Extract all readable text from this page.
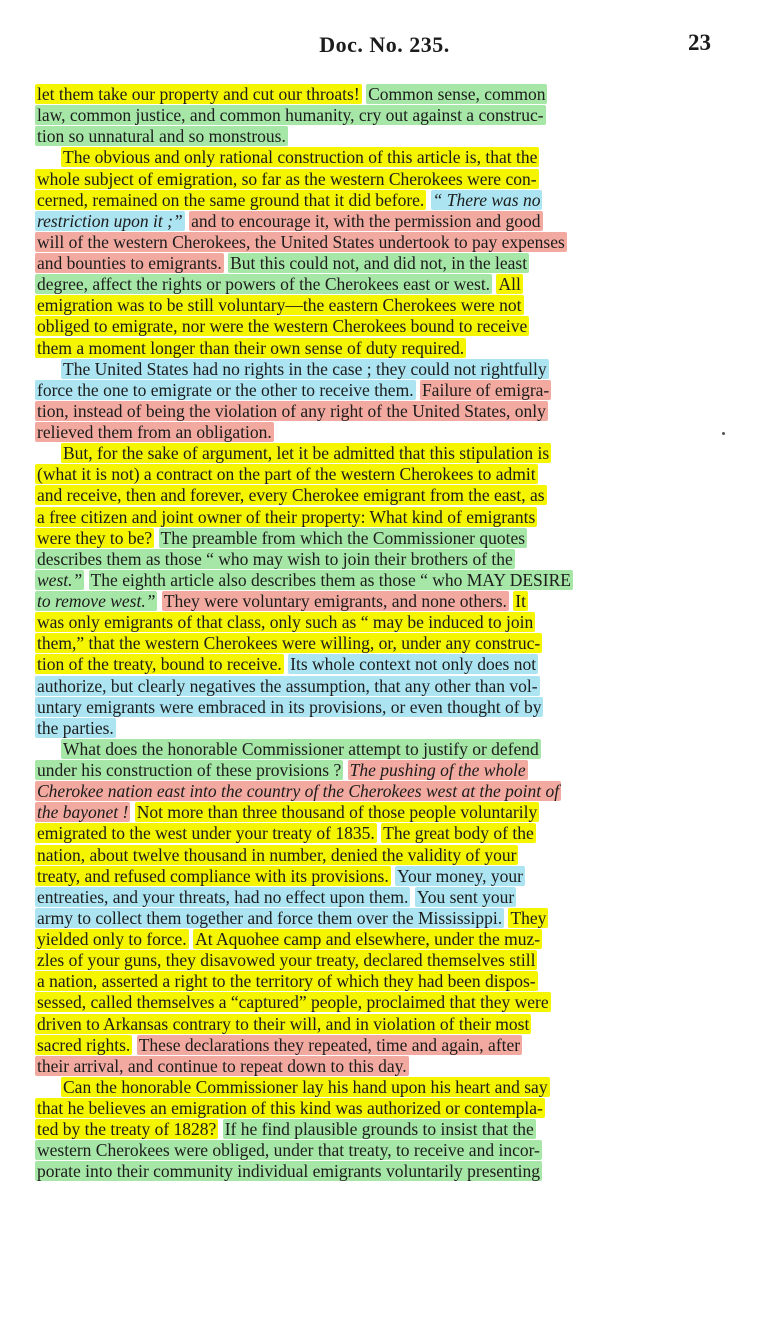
Doc. No. 235.	23
let them take our property and cut our throats! Common sense, common
law, common justice, and common humanity, cry out against a construc-
tion so unnatural and so monstrous.
The obvious and only rational construction of this article is, that the
whole subject of emigration, so far as the western Cherokees were con-
cerned, remained on the same ground that it did before. “ There was no
restriction upon it ;” and to encourage it, with the permission and good
will of the western Cherokees, the United States undertook to pay expenses
and bounties to emigrants. But this could not, and did not, in the least
degree, affect the rights or powers of the Cherokees east or west. All
emigration was to be still voluntary—the eastern Cherokees were not
obliged to emigrate, nor were the western Cherokees bound to receive
them a moment longer than their own sense of duty required.
The United States had no rights in the case ; they could not rightfully
force the one to emigrate or the other to receive them. Failure of emigra-
tion, instead of being the violation of any right of the United States, only
relieved them from an obligation.
But, for the sake of argument, let it be admitted that this stipulation is
(what it is not) a contract on the part of the western Cherokees to admit
and receive, then and forever, every Cherokee emigrant from the east, as
a free citizen and joint owner of their property: What kind of emigrants
were they to be? The preamble from which the Commissioner quotes
describes them as those “ who may wish to join their brothers of the
west.” The eighth article also describes them as those “ who MAY DESIRE
to remove west.” They were voluntary emigrants, and none others. It
was only emigrants of that class, only such as “ may be induced to join
them,” that the western Cherokees were willing, or, under any construc-
tion of the treaty, bound to receive. Its whole context not only does not
authorize, but clearly negatives the assumption, that any other than vol-
untary emigrants were embraced in its provisions, or even thought of by
the parties.
What does the honorable Commissioner attempt to justify or defend
under his construction of these provisions ? The pushing of the whole
Cherokee nation east into the country of the Cherokees west at the point of
the bayonet ! Not more than three thousand of those people voluntarily
emigrated to the west under your treaty of 1835. The great body of the
nation, about twelve thousand in number, denied the validity of your
treaty, and refused compliance with its provisions. Your money, your
entreaties, and your threats, had no effect upon them. You sent your
army to collect them together and force them over the Mississippi. They
yielded only to force. At Aquohee camp and elsewhere, under the muz-
zles of your guns, they disavowed your treaty, declared themselves still
a nation, asserted a right to the territory of which they had been dispos-
sessed, called themselves a “captured” people, proclaimed that they were
driven to Arkansas contrary to their will, and in violation of their most
sacred rights. These declarations they repeated, time and again, after
their arrival, and continue to repeat down to this day.
Can the honorable Commissioner lay his hand upon his heart and say
that he believes an emigration of this kind was authorized or contempla-
ted by the treaty of 1828? If he find plausible grounds to insist that the
western Cherokees were obliged, under that treaty, to receive and incor-
porate into their community individual emigrants voluntarily presenting
